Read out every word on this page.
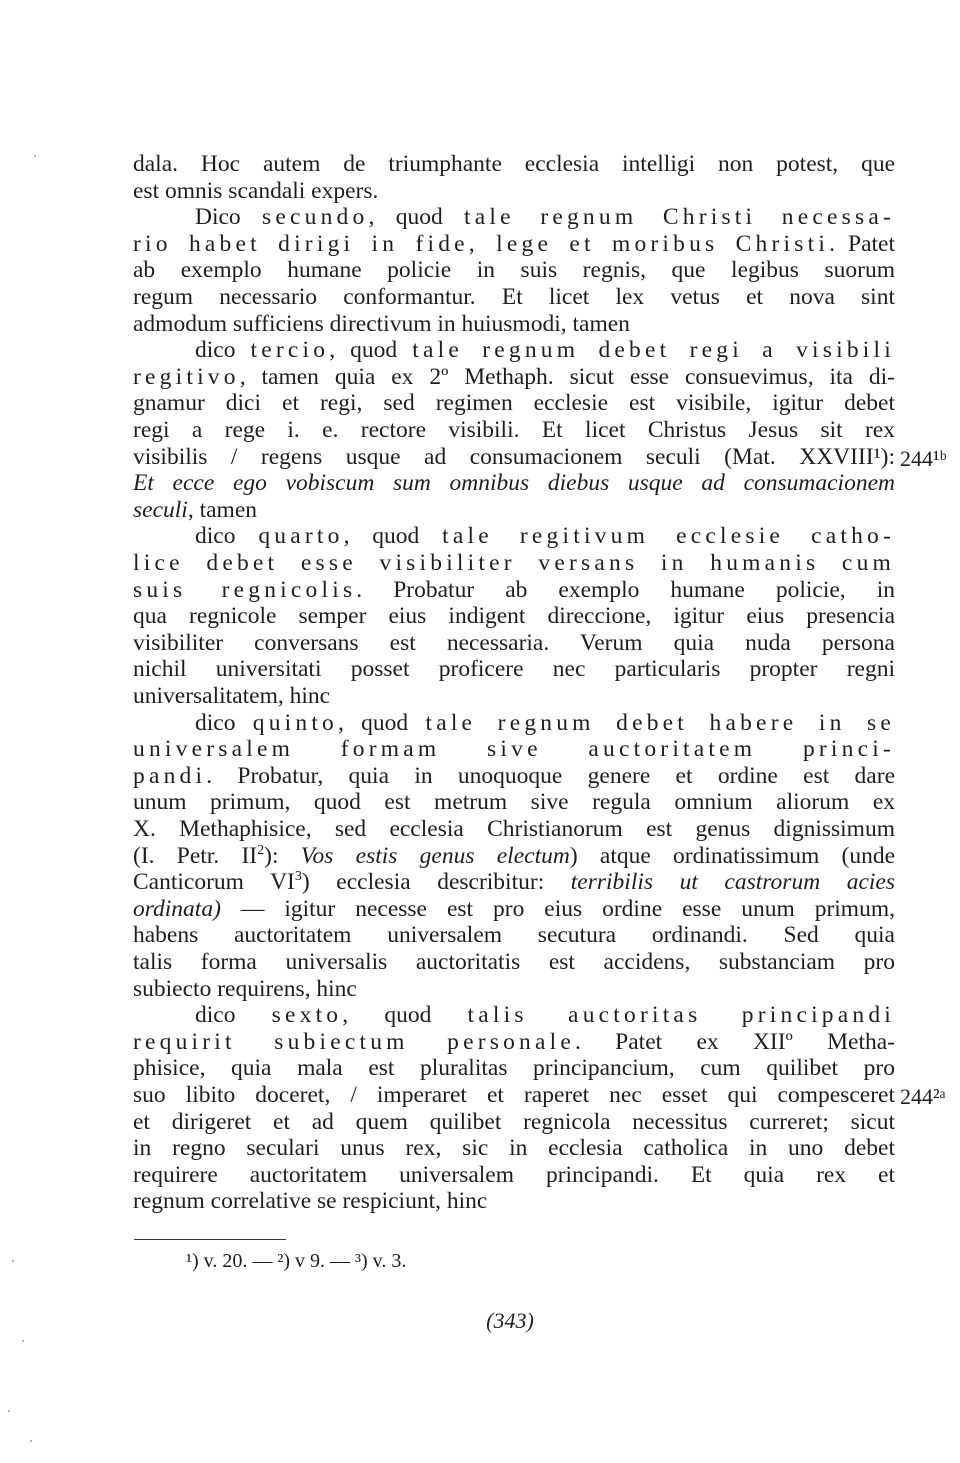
dala. Hoc autem de triumphante ecclesia intelligi non potest, que
est omnis scandali expers.
Dico secundo, quod tale regnum Christi necessa-
rio habet dirigi in fide, lege et moribus Christi. Patet
ab exemplo humane policie in suis regnis, que legibus suorum
regum necessario conformantur. Et licet lex vetus et nova sint
admodum sufficiens directivum in huiusmodi, tamen
dico tercio, quod tale regnum debet regi a visibili
regitivo, tamen quia ex 2º Methaph. sicut esse consuevimus, ita di-
gnamur dici et regi, sed regimen ecclesie est visibile, igitur debet
regi a rege i. e. rectore visibili. Et licet Christus Jesus sit rex
visibilis / regens usque ad consumacionem seculi (Mat. XXVIII¹):
Et ecce ego vobiscum sum omnibus diebus usque ad consumacionem
seculi, tamen
dico quarto, quod tale regitivum ecclesie catho-
lice debet esse visibiliter versans in humanis cum
suis regnicolis. Probatur ab exemplo humane policie, in
qua regnicole semper eius indigent direccione, igitur eius presencia
visibiliter conversans est necessaria. Verum quia nuda persona
nichil universitati posset proficere nec particularis propter regni
universalitatem, hinc
dico quinto, quod tale regnum debet habere in se
universalem formam sive auctoritatem princi-
pandi. Probatur, quia in unoquoque genere et ordine est dare
unum primum, quod est metrum sive regula omnium aliorum ex
X. Methaphisice, sed ecclesia Christianorum est genus dignissimum
(I. Petr. $II^2$): Vos estis genus electum) atque ordinatissimum (unde
Canticorum $VI^3$) ecclesia describitur: terribilis ut castrorum acies
ordinata) — igitur necesse est pro eius ordine esse unum primum,
habens auctoritatem universalem secutura ordinandi. Sed quia
talis forma universalis auctoritatis est accidens, substanciam pro
subiecto requirens, hinc
dico sexto, quod talis auctoritas principandi
requirit subiectum personale. Patet ex XIIº Metha-
phisice, quia mala est pluralitas principancium, cum quilibet pro
suo libito doceret, / imperaret et raperet nec esset qui compesceret
et dirigeret et ad quem quilibet regnicola necessitus curreret; sicut
244¹ᵇ
244²ᵃ
¹) v. 20. — ²) v 9. — ³) v. 3.
(343)
in regno seculari unus rex, sic in ecclesia catholica in uno debet
requirere auctoritatem universalem principandi. Et quia rex et
regnum correlative se respiciunt, hinc
